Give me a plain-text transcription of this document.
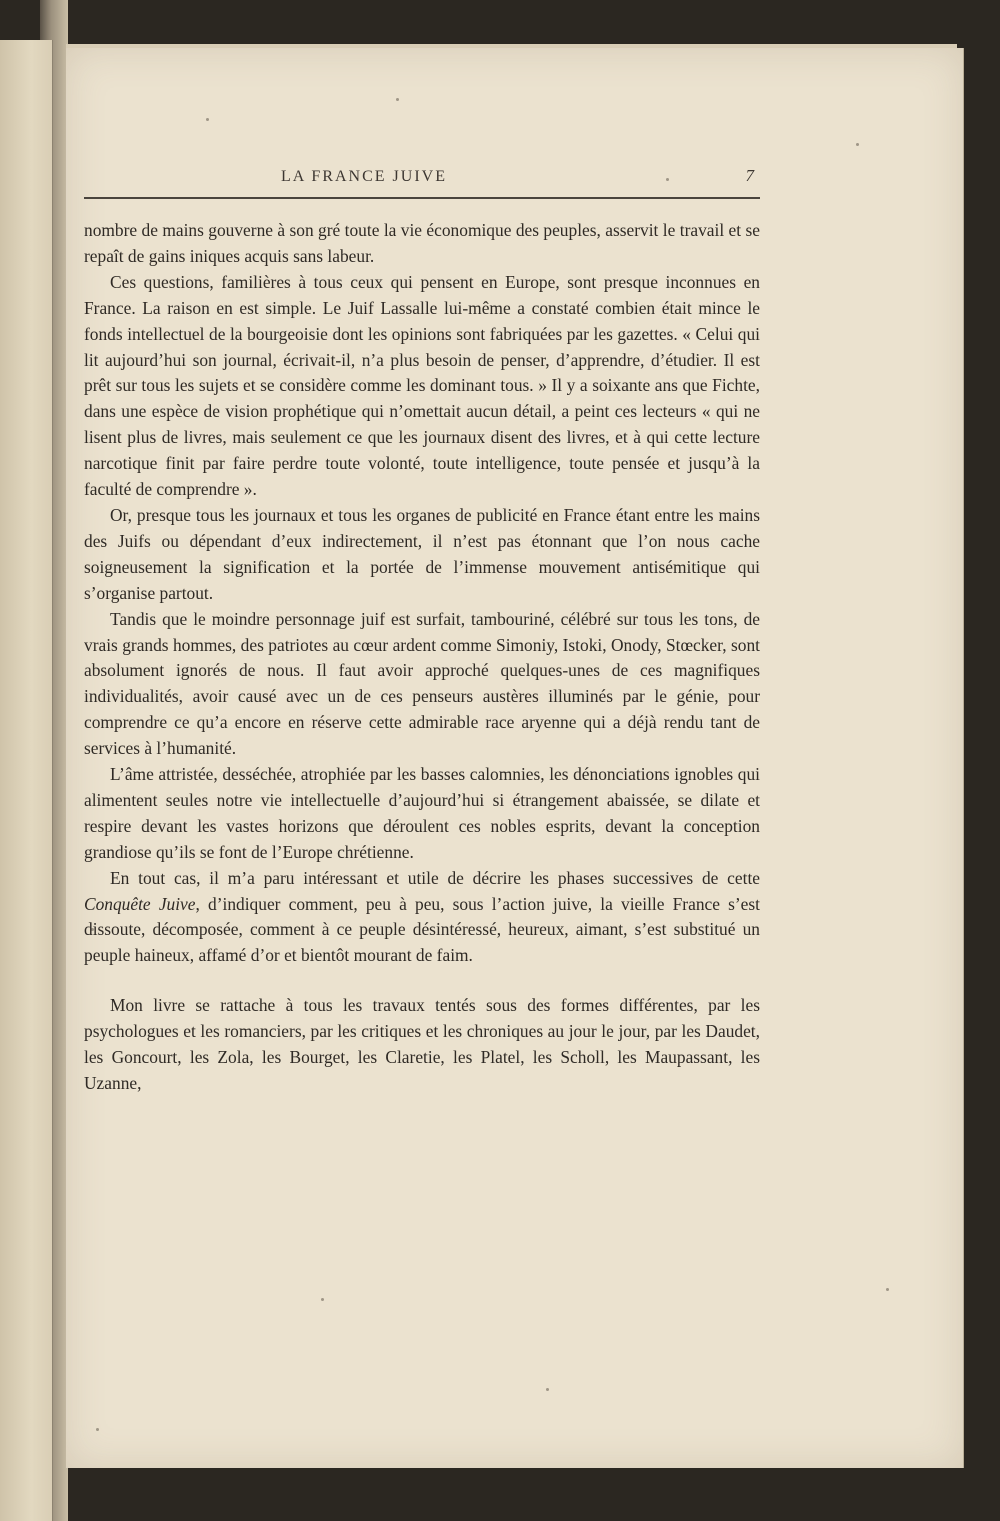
LA FRANCE JUIVE	7

nombre de mains gouverne à son gré toute la vie économique des peuples, asservit le travail et se repaît de gains iniques acquis sans labeur.

Ces questions, familières à tous ceux qui pensent en Europe, sont presque inconnues en France. La raison en est simple. Le Juif Lassalle lui-même a constaté combien était mince le fonds intellectuel de la bourgeoisie dont les opinions sont fabriquées par les gazettes. « Celui qui lit aujourd’hui son journal, écrivait-il, n’a plus besoin de penser, d’apprendre, d’étudier. Il est prêt sur tous les sujets et se considère comme les dominant tous. » Il y a soixante ans que Fichte, dans une espèce de vision prophétique qui n’omettait aucun détail, a peint ces lecteurs « qui ne lisent plus de livres, mais seulement ce que les journaux disent des livres, et à qui cette lecture narcotique finit par faire perdre toute volonté, toute intelligence, toute pensée et jusqu’à la faculté de comprendre ».

Or, presque tous les journaux et tous les organes de publicité en France étant entre les mains des Juifs ou dépendant d’eux indirectement, il n’est pas étonnant que l’on nous cache soigneusement la signification et la portée de l’immense mouvement antisémitique qui s’organise partout.

Tandis que le moindre personnage juif est surfait, tambouriné, célébré sur tous les tons, de vrais grands hommes, des patriotes au cœur ardent comme Simoniy, Istoki, Onody, Stœcker, sont absolument ignorés de nous. Il faut avoir approché quelques-unes de ces magnifiques individualités, avoir causé avec un de ces penseurs austères illuminés par le génie, pour comprendre ce qu’a encore en réserve cette admirable race aryenne qui a déjà rendu tant de services à l’humanité.

L’âme attristée, desséchée, atrophiée par les basses calomnies, les dénonciations ignobles qui alimentent seules notre vie intellectuelle d’aujourd’hui si étrangement abaissée, se dilate et respire devant les vastes horizons que déroulent ces nobles esprits, devant la conception grandiose qu’ils se font de l’Europe chrétienne.

En tout cas, il m’a paru intéressant et utile de décrire les phases successives de cette Conquête Juive, d’indiquer comment, peu à peu, sous l’action juive, la vieille France s’est dissoute, décomposée, comment à ce peuple désintéressé, heureux, aimant, s’est substitué un peuple haineux, affamé d’or et bientôt mourant de faim.

Mon livre se rattache à tous les travaux tentés sous des formes différentes, par les psychologues et les romanciers, par les critiques et les chroniques au jour le jour, par les Daudet, les Goncourt, les Zola, les Bourget, les Claretie, les Platel, les Scholl, les Maupassant, les Uzanne,
